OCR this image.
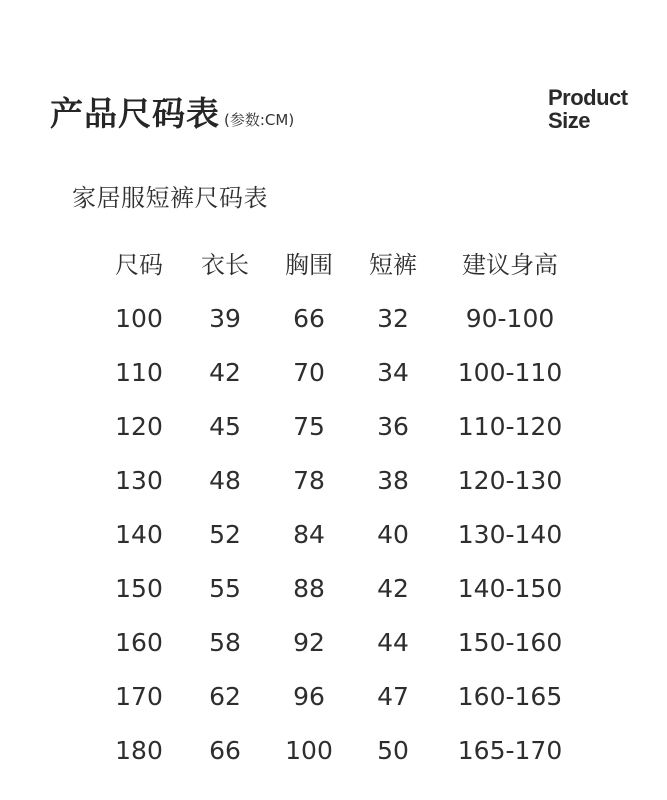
产品尺码表 (参数:CM)
Product
Size
家居服短裤尺码表
尺码 衣长 胸围 短裤 建议身高
100 39 66 32 90-100
110 42 70 34 100-110
120 45 75 36 110-120
130 48 78 38 120-130
140 52 84 40 130-140
150 55 88 42 140-150
160 58 92 44 150-160
170 62 96 47 160-165
180 66 100 50 165-170
